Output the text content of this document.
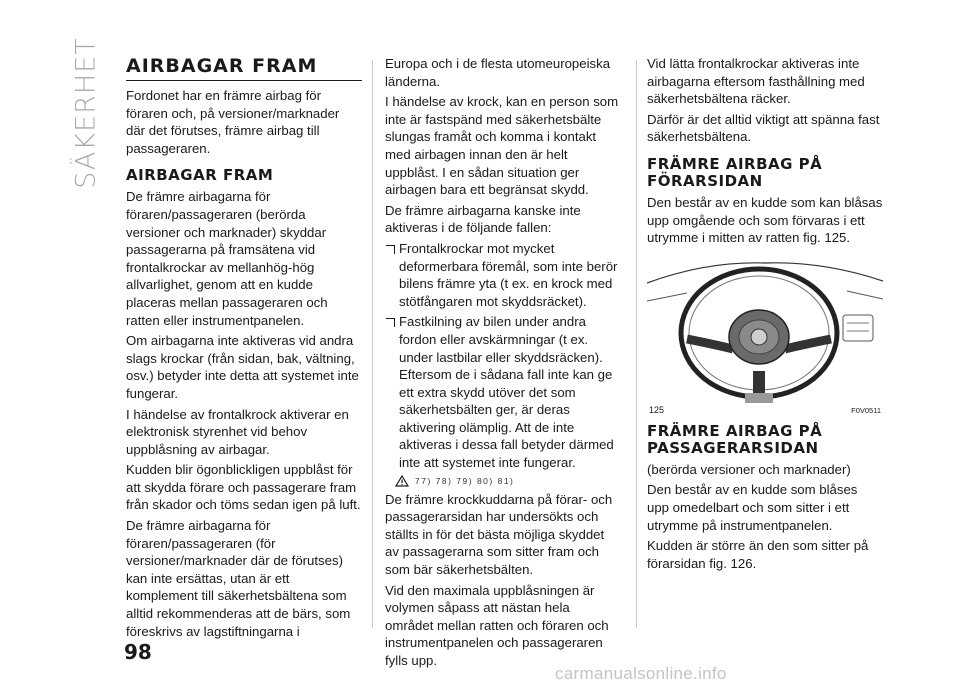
SÄKERHET AIRBAGAR FRAM

Fordonet har en främre airbag för föraren och, på versioner/marknader där det förutses, främre airbag till passageraren.

AIRBAGAR FRAM

De främre airbagarna för föraren/passageraren (berörda versioner och marknader) skyddar passagerarna på framsätena vid frontalkrockar av mellanhög-hög allvarlighet, genom att en kudde placeras mellan passageraren och ratten eller instrumentpanelen.

Om airbagarna inte aktiveras vid andra slags krockar (från sidan, bak, vältning, osv.) betyder inte detta att systemet inte fungerar.

I händelse av frontalkrock aktiverar en elektronisk styrenhet vid behov uppblåsning av airbagar.

Kudden blir ögonblickligen uppblåst för att skydda förare och passagerare fram från skador och töms sedan igen på luft.

De främre airbagarna för föraren/passageraren (för versioner/marknader där de förutses) kan inte ersättas, utan är ett komplement till säkerhetsbältena som alltid rekommenderas att de bärs, som föreskrivs av lagstiftningarna i

Europa och i de flesta utomeuropeiska länderna.

I händelse av krock, kan en person som inte är fastspänd med säkerhetsbälte slungas framåt och komma i kontakt med airbagen innan den är helt uppblåst. I en sådan situation ger airbagen bara ett begränsat skydd.

De främre airbagarna kanske inte aktiveras i de följande fallen:

Frontalkrockar mot mycket deformerbara föremål, som inte berör bilens främre yta (t ex. en krock med stötfångaren mot skyddsräcket).

Fastkilning av bilen under andra fordon eller avskärmningar (t ex. under lastbilar eller skyddsräcken). Eftersom de i sådana fall inte kan ge ett extra skydd utöver det som säkerhetsbälten ger, är deras aktivering olämplig. Att de inte aktiveras i dessa fall betyder därmed inte att systemet inte fungerar.

77) 78) 79) 80) 81)

De främre krockkuddarna på förar- och passagerarsidan har undersökts och ställts in för det bästa möjliga skyddet av passagerarna som sitter fram och som bär säkerhetsbälten.

Vid den maximala uppblåsningen är volymen såpass att nästan hela området mellan ratten och föraren och instrumentpanelen och passageraren fylls upp.

Vid lätta frontalkrockar aktiveras inte airbagarna eftersom fasthållning med säkerhetsbältena räcker.

Därför är det alltid viktigt att spänna fast säkerhetsbältena.

FRÄMRE AIRBAG PÅ FÖRARSIDAN

Den består av en kudde som kan blåsas upp omgående och som förvaras i ett utrymme i mitten av ratten fig. 125.

125	F0V0511
FRÄMRE AIRBAG PÅ PASSAGERARSIDAN

(berörda versioner och marknader)

Den består av en kudde som blåses upp omedelbart och som sitter i ett utrymme på instrumentpanelen.

Kudden är större än den som sitter på förarsidan fig. 126.

98
carmanualsonline.info
